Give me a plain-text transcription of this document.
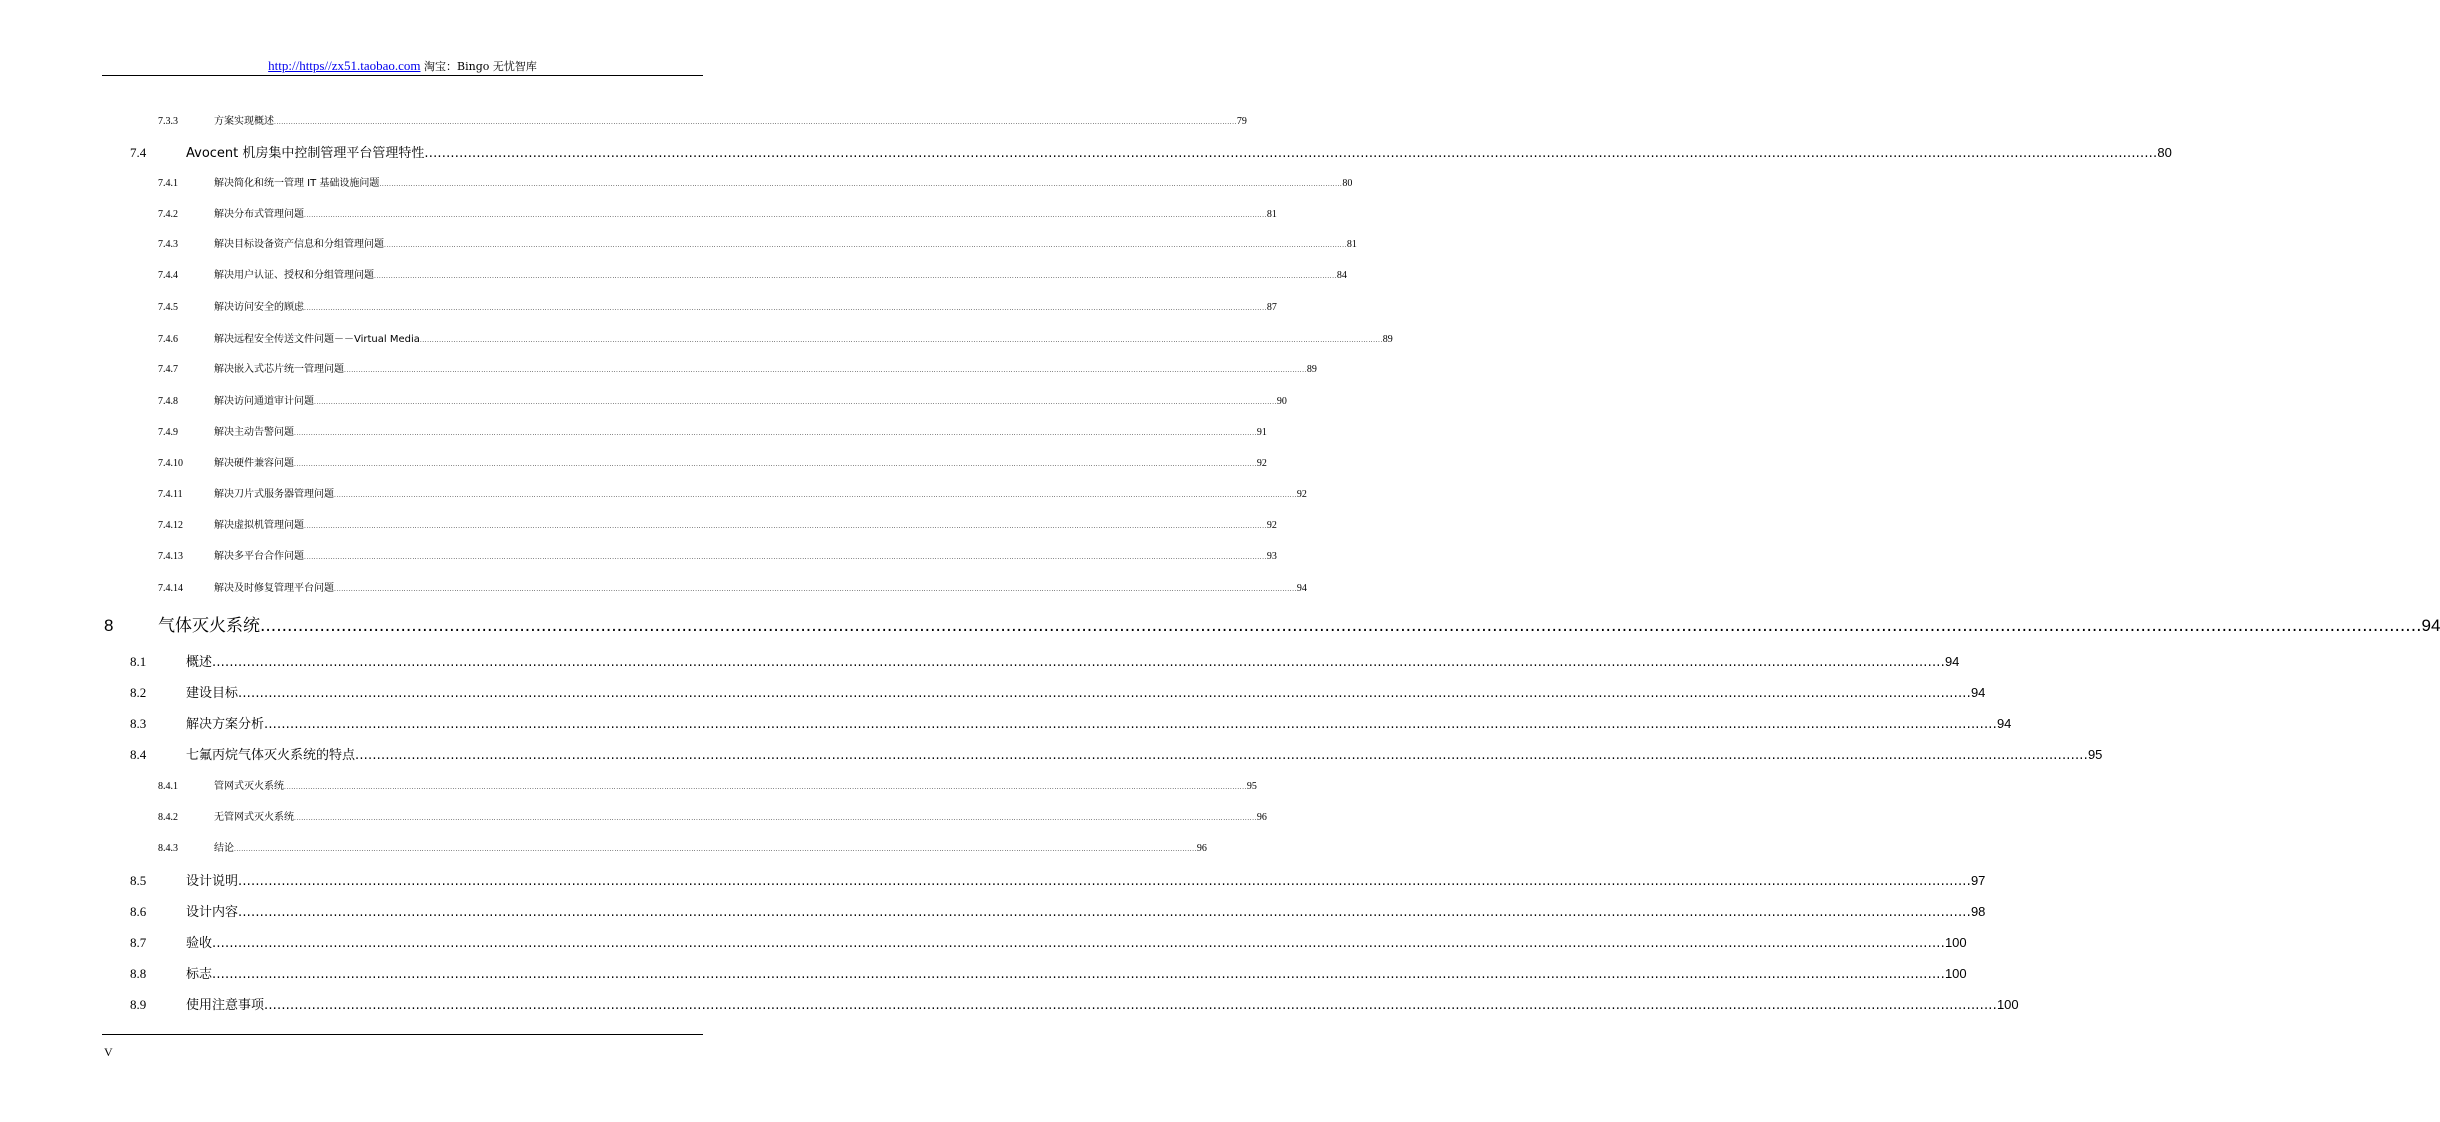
http://https//zx51.taobao.com 淘宝：Bingo 无忧智库
7.3.3	方案实现概述 ................................................................................................................................................................................................................................................................................................................................................................................................................ 79
7.4	Avocent 机房集中控制管理平台管理特性 ................................................................................................................................................................................................................................................................................................................................................................................................................ 80
7.4.1	解决简化和统一管理 IT 基础设施问题 ................................................................................................................................................................................................................................................................................................................................................................................................................ 80
7.4.2	解决分布式管理问题 ................................................................................................................................................................................................................................................................................................................................................................................................................ 81
7.4.3	解决目标设备资产信息和分组管理问题 ................................................................................................................................................................................................................................................................................................................................................................................................................ 81
7.4.4	解决用户认证、授权和分组管理问题 ................................................................................................................................................................................................................................................................................................................................................................................................................ 84
7.4.5	解决访问安全的顾虑 ................................................................................................................................................................................................................................................................................................................................................................................................................ 87
7.4.6	解决远程安全传送文件问题－－Virtual Media ................................................................................................................................................................................................................................................................................................................................................................................................................ 89
7.4.7	解决嵌入式芯片统一管理问题 ................................................................................................................................................................................................................................................................................................................................................................................................................ 89
7.4.8	解决访问通道审计问题 ................................................................................................................................................................................................................................................................................................................................................................................................................ 90
7.4.9	解决主动告警问题 ................................................................................................................................................................................................................................................................................................................................................................................................................ 91
7.4.10	解决硬件兼容问题 ................................................................................................................................................................................................................................................................................................................................................................................................................ 92
7.4.11	解决刀片式服务器管理问题 ................................................................................................................................................................................................................................................................................................................................................................................................................ 92
7.4.12	解决虚拟机管理问题 ................................................................................................................................................................................................................................................................................................................................................................................................................ 92
7.4.13	解决多平台合作问题 ................................................................................................................................................................................................................................................................................................................................................................................................................ 93
7.4.14	解决及时修复管理平台问题 ................................................................................................................................................................................................................................................................................................................................................................................................................ 94
8	气体灭火系统 ................................................................................................................................................................................................................................................................................................................................................................................................................ 94
8.1	概述 ................................................................................................................................................................................................................................................................................................................................................................................................................ 94
8.2	建设目标 ................................................................................................................................................................................................................................................................................................................................................................................................................ 94
8.3	解决方案分析 ................................................................................................................................................................................................................................................................................................................................................................................................................ 94
8.4	七氟丙烷气体灭火系统的特点 ................................................................................................................................................................................................................................................................................................................................................................................................................ 95
8.4.1	管网式灭火系统 ................................................................................................................................................................................................................................................................................................................................................................................................................ 95
8.4.2	无管网式灭火系统 ................................................................................................................................................................................................................................................................................................................................................................................................................ 96
8.4.3	结论 ................................................................................................................................................................................................................................................................................................................................................................................................................ 96
8.5	设计说明 ................................................................................................................................................................................................................................................................................................................................................................................................................ 97
8.6	设计内容 ................................................................................................................................................................................................................................................................................................................................................................................................................ 98
8.7	验收 ................................................................................................................................................................................................................................................................................................................................................................................................................ 100
8.8	标志 ................................................................................................................................................................................................................................................................................................................................................................................................................ 100
8.9	使用注意事项 ................................................................................................................................................................................................................................................................................................................................................................................................................ 100
V
